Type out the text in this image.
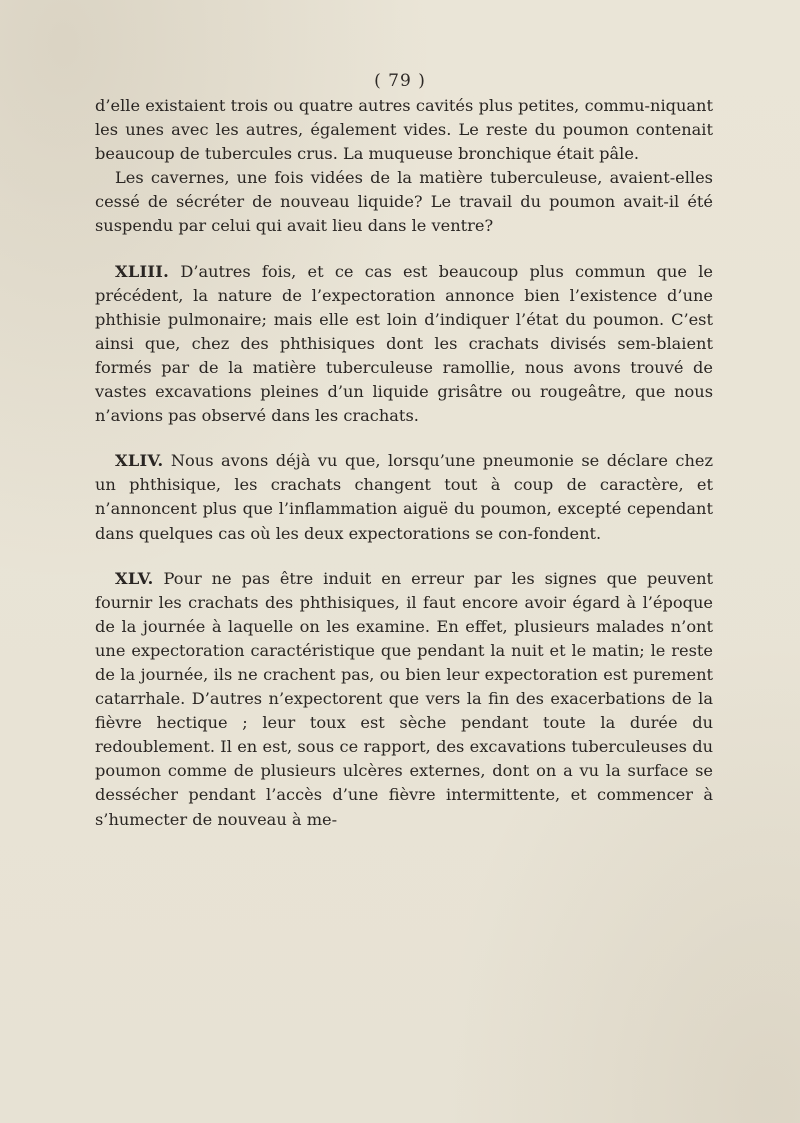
( 79 )

d’elle existaient trois ou quatre autres cavités plus petites, commu-niquant les unes avec les autres, également vides. Le reste du poumon contenait beaucoup de tubercules crus. La muqueuse bronchique était pâle.

Les cavernes, une fois vidées de la matière tuberculeuse, avaient-elles cessé de sécréter de nouveau liquide? Le travail du poumon avait-il été suspendu par celui qui avait lieu dans le ventre?

XLIII. D’autres fois, et ce cas est beaucoup plus commun que le précédent, la nature de l’expectoration annonce bien l’existence d’une phthisie pulmonaire; mais elle est loin d’indiquer l’état du poumon. C’est ainsi que, chez des phthisiques dont les crachats divisés sem-blaient formés par de la matière tuberculeuse ramollie, nous avons trouvé de vastes excavations pleines d’un liquide grisâtre ou rougeâtre, que nous n’avions pas observé dans les crachats.

XLIV. Nous avons déjà vu que, lorsqu’une pneumonie se déclare chez un phthisique, les crachats changent tout à coup de caractère, et n’annoncent plus que l’inflammation aiguë du poumon, excepté cependant dans quelques cas où les deux expectorations se con-fondent.

XLV. Pour ne pas être induit en erreur par les signes que peuvent fournir les crachats des phthisiques, il faut encore avoir égard à l’époque de la journée à laquelle on les examine. En effet, plusieurs malades n’ont une expectoration caractéristique que pendant la nuit et le matin; le reste de la journée, ils ne crachent pas, ou bien leur expectoration est purement catarrhale. D’autres n’expectorent que vers la fin des exacerbations de la fièvre hectique ; leur toux est sèche pendant toute la durée du redoublement. Il en est, sous ce rapport, des excavations tuberculeuses du poumon comme de plusieurs ulcères externes, dont on a vu la surface se dessécher pendant l’accès d’une fièvre intermittente, et commencer à s’humecter de nouveau à me-
